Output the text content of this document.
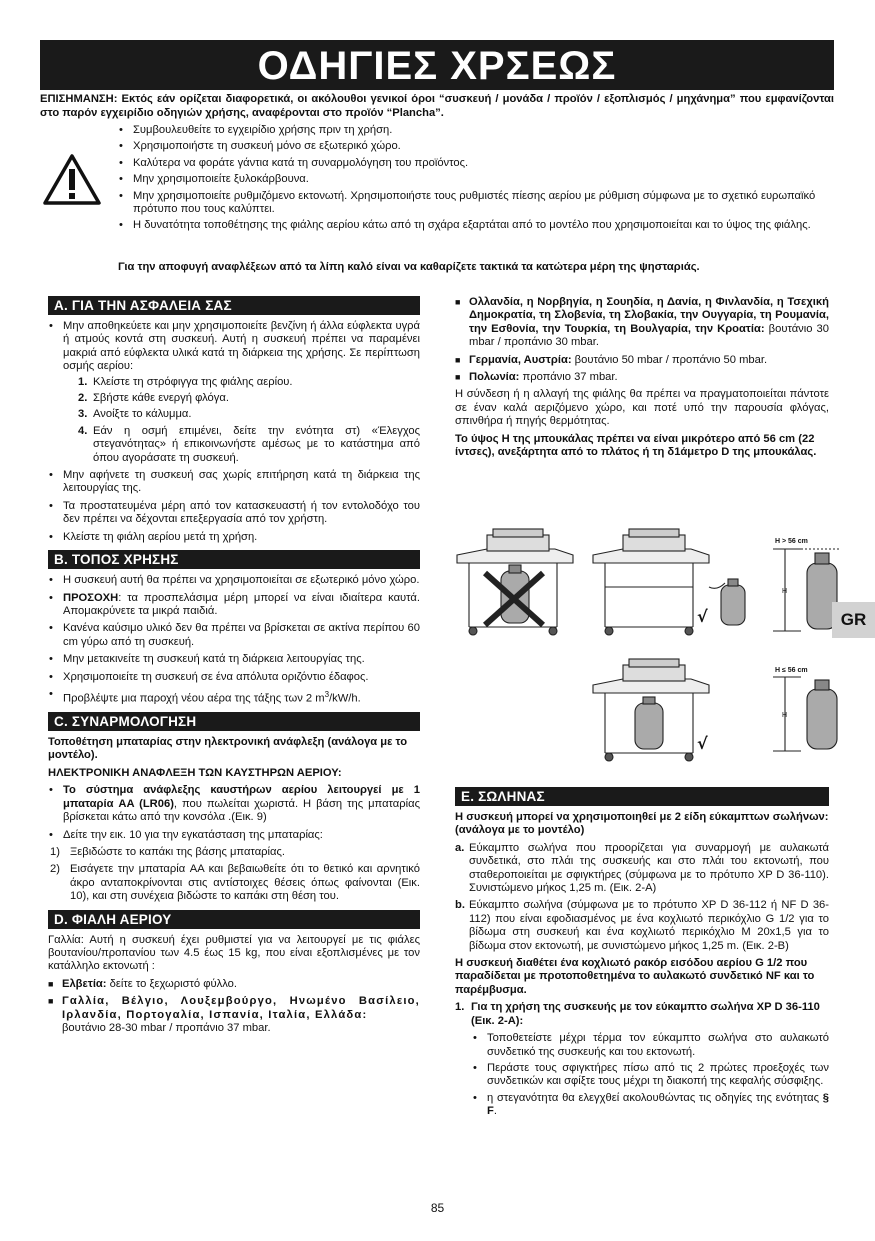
ΟΔΗΓΙΕΣ ΧΡΣΕΩΣ
ΕΠΙΣΗΜΑΝΣΗ: Εκτός εάν ορίζεται διαφορετικά, οι ακόλουθοι γενικοί όροι “συσκευή / μονάδα / προϊόν / εξοπλισμός / μηχάνημα” που εμφανίζονται στο παρόν εγχειρίδιο οδηγιών χρήσης, αναφέρονται στο προϊόν “Plancha”.
• Συμβουλευθείτε το εγχειρίδιο χρήσης πριν τη χρήση.
• Χρησιμοποιήστε τη συσκευή μόνο σε εξωτερικό χώρο.
• Καλύτερα να φοράτε γάντια κατά τη συναρμολόγηση του προϊόντος.
• Μην χρησιμοποιείτε ξυλοκάρβουνα.
• Μην χρησιμοποιείτε ρυθμιζόμενο εκτονωτή. Χρησιμοποιήστε τους ρυθμιστές πίεσης αερίου με ρύθμιση σύμφωνα με το σχετικό ευρωπαϊκό πρότυπο που τους καλύπτει.
• Η δυνατότητα τοποθέτησης της φιάλης αερίου κάτω από τη σχάρα εξαρτάται από το μοντέλο που χρησιμοποιείται και το ύψος της φιάλης.
Για την αποφυγή αναφλέξεων από τα λίπη καλό είναι να καθαρίζετε τακτικά τα κατώτερα μέρη της ψησταριάς.
A. ΓΙΑ ΤΗΝ ΑΣΦΑΛΕΙΑ ΣΑΣ
• Μην αποθηκεύετε και μην χρησιμοποιείτε βενζίνη ή άλλα εύφλεκτα υγρά ή ατμούς κοντά στη συσκευή. Αυτή η συσκευή πρέπει να παραμένει μακριά από εύφλεκτα υλικά κατά τη διάρκεια της χρήσης. Σε περίπτωση οσμής αερίου:
1. Κλείστε τη στρόφιγγα της φιάλης αερίου.
2. Σβήστε κάθε ενεργή φλόγα.
3. Ανοίξτε το κάλυμμα.
4. Εάν η οσμή επιμένει, δείτε την ενότητα στ) «Έλεγχος στεγανότητας» ή επικοινωνήστε αμέσως με το κατάστημα από όπου αγοράσατε τη συσκευή.
• Μην αφήνετε τη συσκευή σας χωρίς επιτήρηση κατά τη διάρκεια της λειτουργίας της.
• Τα προστατευμένα μέρη από τον κατασκευαστή ή τον εντολοδόχο του δεν πρέπει να δέχονται επεξεργασία από τον χρήστη.
• Κλείστε τη φιάλη αερίου μετά τη χρήση.
B. ΤΟΠΟΣ ΧΡΗΣΗΣ
• Η συσκευή αυτή θα πρέπει να χρησιμοποιείται σε εξωτερικό μόνο χώρο.
• ΠΡΟΣΟΧΗ: τα προσπελάσιμα μέρη μπορεί να είναι ιδιαίτερα καυτά. Απομακρύνετε τα μικρά παιδιά.
• Κανένα καύσιμο υλικό δεν θα πρέπει να βρίσκεται σε ακτίνα περίπου 60 cm γύρω από τη συσκευή.
• Μην μετακινείτε τη συσκευή κατά τη διάρκεια λειτουργίας της.
• Χρησιμοποιείτε τη συσκευή σε ένα απόλυτα οριζόντιο έδαφος.
• Προβλέψτε μια παροχή νέου αέρα της τάξης των 2 $m^3/kW/h$.
C. ΣΥΝΑΡΜΟΛΟΓΗΣΗ
Τοποθέτηση μπαταρίας στην ηλεκτρονική ανάφλεξη (ανάλογα με το μοντέλο).
ΗΛΕΚΤΡΟΝΙΚΗ ΑΝΑΦΛΕΞΗ ΤΩΝ ΚΑΥΣΤΗΡΩΝ ΑΕΡΙΟΥ:
• Το σύστημα ανάφλεξης καυστήρων αερίου λειτουργεί με 1 μπαταρία AA (LR06), που πωλείται χωριστά. Η βάση της μπαταρίας βρίσκεται κάτω από την κονσόλα .(Εικ. 9)
• Δείτε την εικ. 10 για την εγκατάσταση της μπαταρίας:
1) Ξεβιδώστε το καπάκι της βάσης μπαταρίας.
2) Εισάγετε την μπαταρία AA και βεβαιωθείτε ότι το θετικό και αρνητικό άκρο ανταποκρίνονται στις αντίστοιχες θέσεις όπως φαίνονται (Εικ. 10), και στη συνέχεια βιδώστε το καπάκι στη θέση του.
D. ΦΙΑΛΗ ΑΕΡΙΟΥ
Γαλλία: Αυτή η συσκευή έχει ρυθμιστεί για να λειτουργεί με τις φιάλες βουτανίου/προπανίου των 4.5 έως 15 kg, που είναι εξοπλισμένες με τον κατάλληλο εκτονωτή :
■ Ελβετία: δείτε το ξεχωριστό φύλλο.
■ Γαλλία, Βέλγιο, Λουξεμβούργο, Ηνωμένο Βασίλειο, Ιρλανδία, Πορτογαλία, Ισπανία, Ιταλία, Ελλάδα:
βουτάνιο 28-30 mbar / προπάνιο 37 mbar.
■ Ολλανδία, η Νορβηγία, η Σουηδία, η Δανία, η Φινλανδία, η Τσεχική Δημοκρατία, τη Σλοβενία, τη Σλοβακία, την Ουγγαρία, τη Ρουμανία, την Εσθονία, την Τουρκία, τη Βουλγαρία, την Κροατία: βουτάνιο 30 mbar / προπάνιο 30 mbar.
■ Γερμανία, Αυστρία: βουτάνιο 50 mbar / προπάνιο 50 mbar.
■ Πολωνία: προπάνιο 37 mbar.
Η σύνδεση ή η αλλαγή της φιάλης θα πρέπει να πραγματοποιείται πάντοτε σε έναν καλά αεριζόμενο χώρο, και ποτέ υπό την παρουσία φλόγας, σπινθήρα ή πηγής θερμότητας.
Το ύψος H της μπουκάλας πρέπει να είναι μικρότερο από 56 cm (22 ίντσες), ανεξάρτητα από το πλάτος ή τη δ1άμετρο D της μπουκάλας.
H > 56 cm
H ≤ 56 cm
H
H
√
√
GR
E. ΣΩΛΗΝΑΣ
Η συσκευή μπορεί να χρησιμοποιηθεί με 2 είδη εύκαμπτων σωλήνων: (ανάλογα με το μοντέλο)
a. Εύκαμπτο σωλήνα που προορίζεται για συναρμογή με αυλακωτά συνδετικά, στο πλάι της συσκευής και στο πλάι του εκτονωτή, που σταθεροποιείται με σφιγκτήρες (σύμφωνα με το πρότυπο XP D 36-110). Συνιστώμενο μήκος 1,25 m. (Εικ. 2-A)
b. Εύκαμπτο σωλήνα (σύμφωνα με το πρότυπο XP D 36-112 ή NF D 36-112) που είναι εφοδιασμένος με ένα κοχλιωτό περικόχλιο G 1/2 για το βίδωμα στη συσκευή και ένα κοχλιωτό περικόχλιο M 20x1,5 για το βίδωμα στον εκτονωτή, με συνιστώμενο μήκος 1,25 m. (Εικ. 2-B)
Η συσκευή διαθέτει ένα κοχλιωτό ρακόρ εισόδου αερίου G 1/2 που παραδίδεται με προτοποθετημένα το αυλακωτό συνδετικό NF και το παρέμβυσμα.
1. Για τη χρήση της συσκευής με τον εύκαμπτο σωλήνα XP D 36-110 (Εικ. 2-A):
• Τοποθετείστε μέχρι τέρμα τον εύκαμπτο σωλήνα στο αυλακωτό συνδετικό της συσκευής και του εκτονωτή.
• Περάστε τους σφιγκτήρες πίσω από τις 2 πρώτες προεξοχές των συνδετικών και σφίξτε τους μέχρι τη διακοπή της κεφαλής σύσφιξης.
• η στεγανότητα θα ελεγχθεί ακολουθώντας τις οδηγίες της ενότητας § F.
85
